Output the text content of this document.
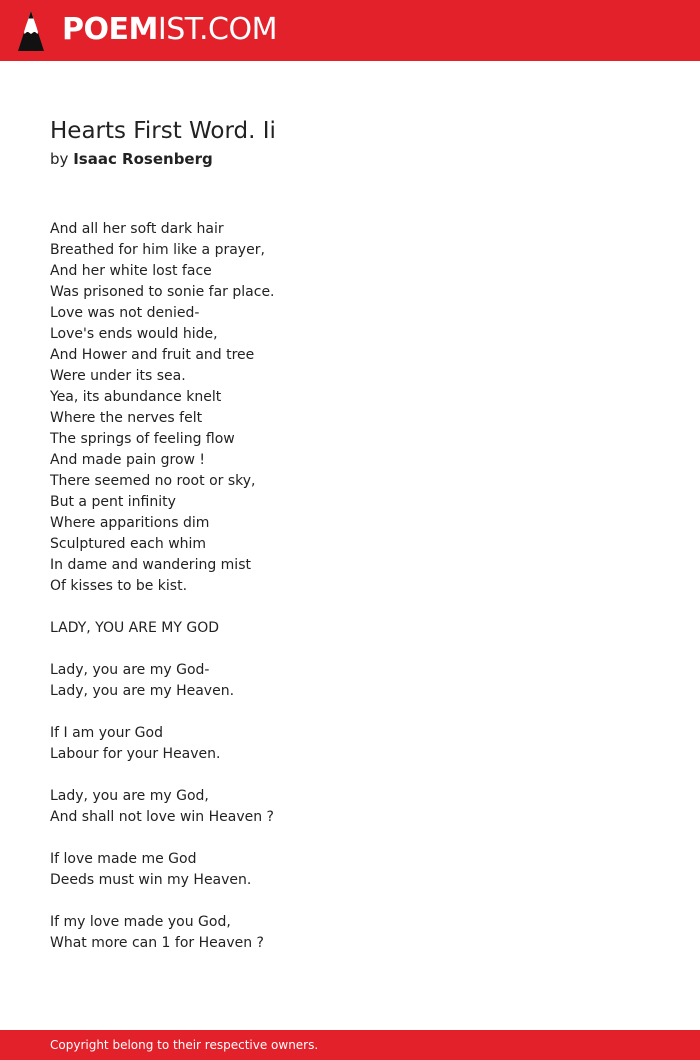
POEMIST.COM
Hearts First Word. Ii
by Isaac Rosenberg
And all her soft dark hair
Breathed for him like a prayer,
And her white lost face
Was prisoned to sonie far place.
Love was not denied-
Love's ends would hide,
And Hower and fruit and tree
Were under its sea.
Yea, its abundance knelt
Where the nerves felt
The springs of feeling flow
And made pain grow !
There seemed no root or sky,
But a pent infinity
Where apparitions dim
Sculptured each whim
In dame and wandering mist
Of kisses to be kist.
LADY, YOU ARE MY GOD
Lady, you are my God-
Lady, you are my Heaven.
If I am your God
Labour for your Heaven.
Lady, you are my God,
And shall not love win Heaven ?
If love made me God
Deeds must win my Heaven.
If my love made you God,
What more can 1 for Heaven ?
Copyright belong to their respective owners.
